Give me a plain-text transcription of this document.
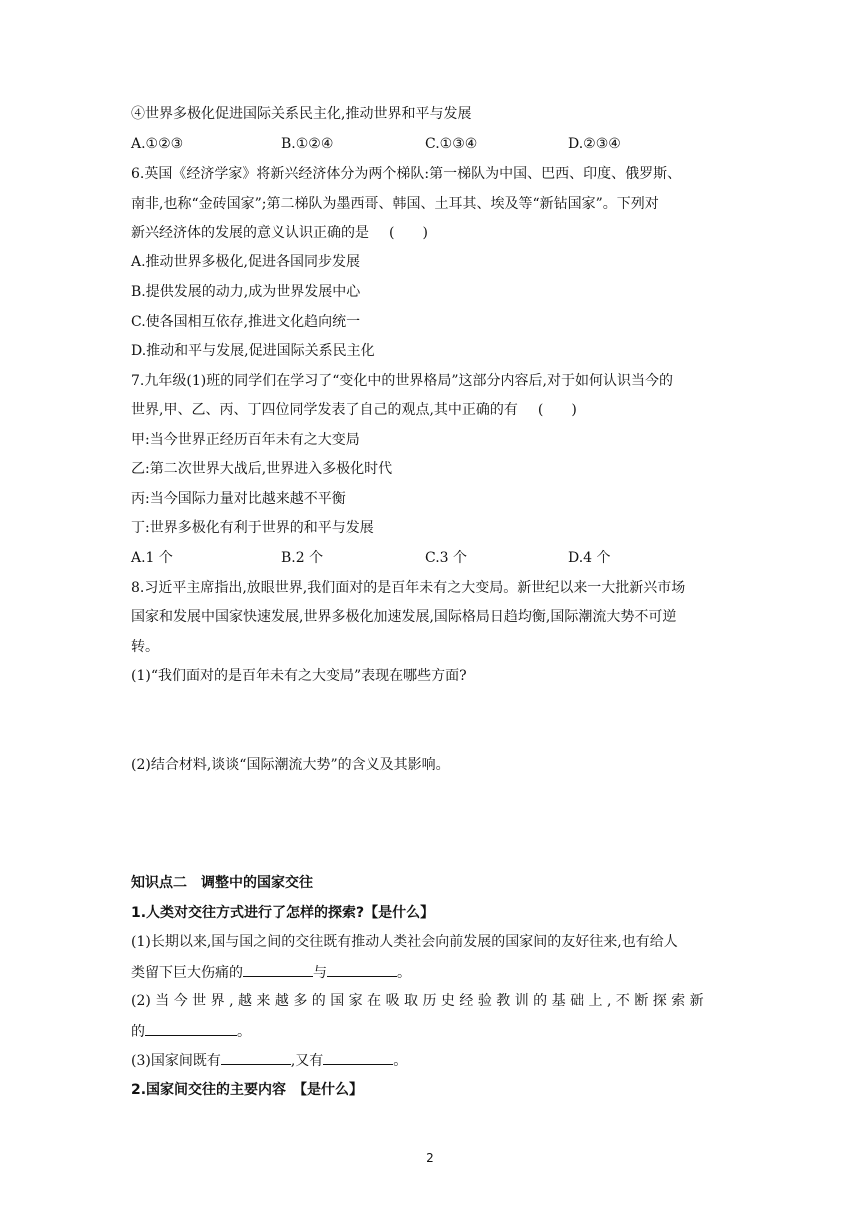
④世界多极化促进国际关系民主化,推动世界和平与发展
A.①②③	B.①②④	C.①③④	D.②③④
6.英国《经济学家》将新兴经济体分为两个梯队:第一梯队为中国、巴西、印度、俄罗斯、
南非,也称“金砖国家”;第二梯队为墨西哥、韩国、土耳其、埃及等“新钻国家”。下列对
新兴经济体的发展的意义认识正确的是 (　　)
A.推动世界多极化,促进各国同步发展
B.提供发展的动力,成为世界发展中心
C.使各国相互依存,推进文化趋向统一
D.推动和平与发展,促进国际关系民主化
7.九年级(1)班的同学们在学习了“变化中的世界格局”这部分内容后,对于如何认识当今的
世界,甲、乙、丙、丁四位同学发表了自己的观点,其中正确的有 (　　)
甲:当今世界正经历百年未有之大变局
乙:第二次世界大战后,世界进入多极化时代
丙:当今国际力量对比越来越不平衡
丁:世界多极化有利于世界的和平与发展
A.1 个	B.2 个	C.3 个	D.4 个
8.习近平主席指出,放眼世界,我们面对的是百年未有之大变局。新世纪以来一大批新兴市场
国家和发展中国家快速发展,世界多极化加速发展,国际格局日趋均衡,国际潮流大势不可逆
转。
(1)“我们面对的是百年未有之大变局”表现在哪些方面?
(2)结合材料,谈谈“国际潮流大势”的含义及其影响。
知识点二　调整中的国家交往
1.人类对交往方式进行了怎样的探索?【是什么】
(1)长期以来,国与国之间的交往既有推动人类社会向前发展的国家间的友好往来,也有给人
类留下巨大伤痛的	与	。
(2) 当 今 世 界 , 越 来 越 多 的 国 家 在 吸 取 历 史 经 验 教 训 的 基 础 上 , 不 断 探 索 新
的	。
(3)国家间既有	,又有	。
2.国家间交往的主要内容　【是什么】
2
